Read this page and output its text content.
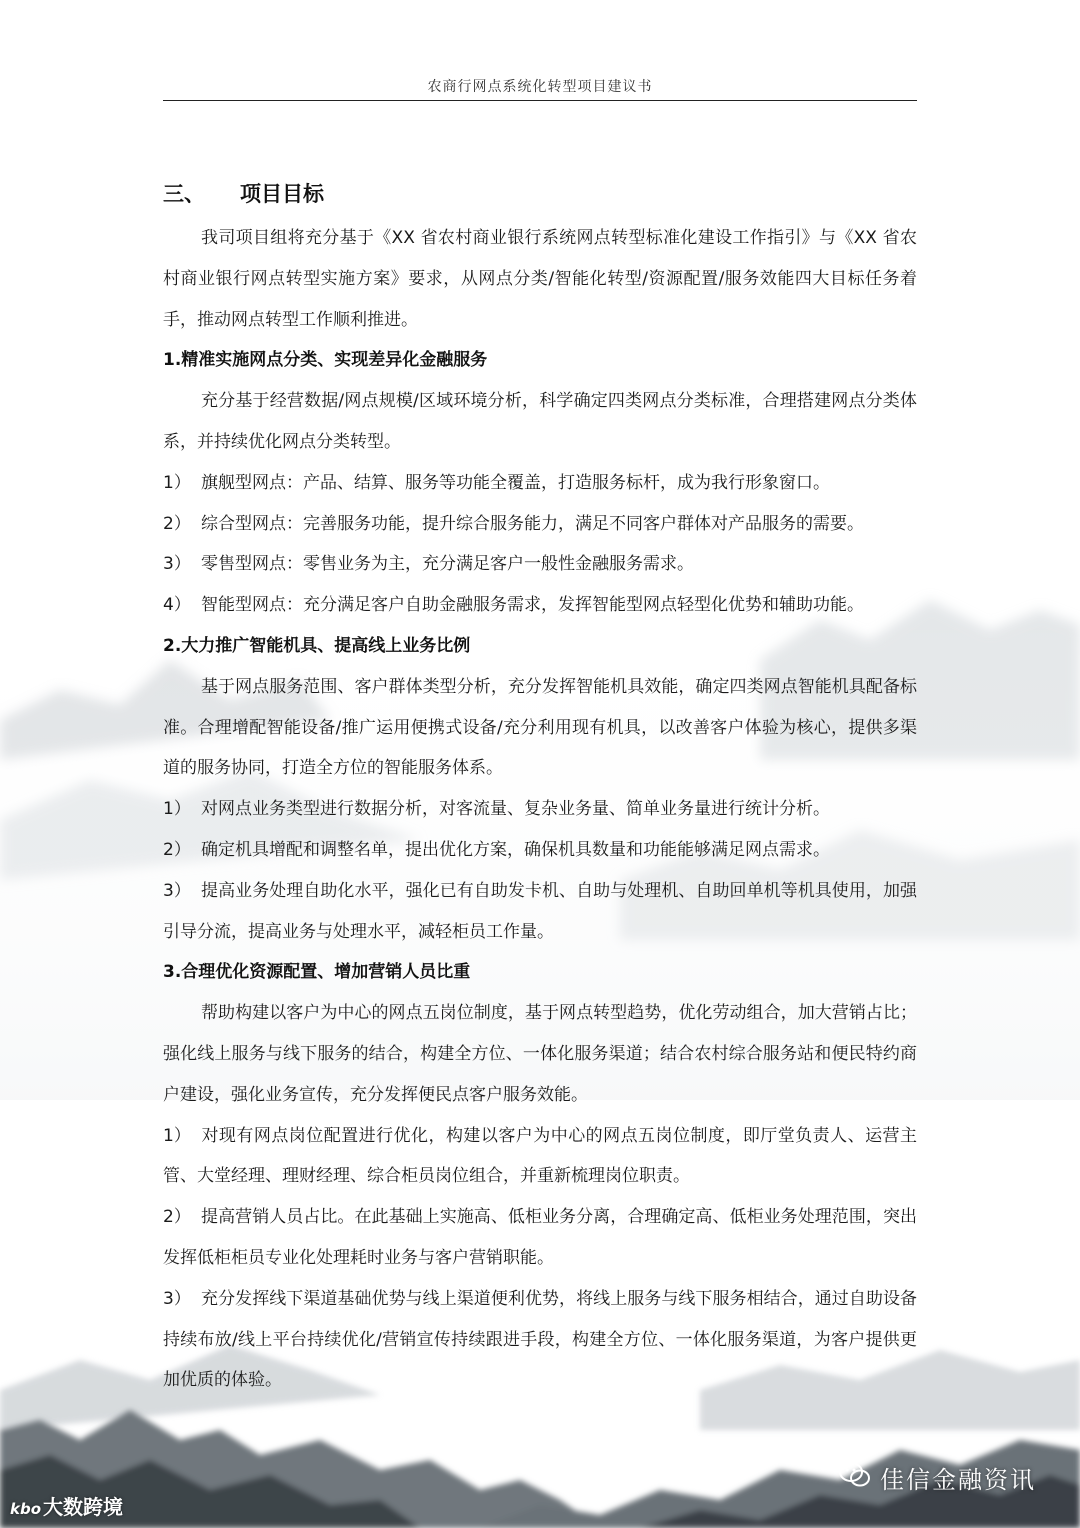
农商行网点系统化转型项目建议书
三、 项目目标

我司项目组将充分基于《XX 省农村商业银行系统网点转型标准化建设工作指引》与《XX 省农村商业银行网点转型实施方案》要求，从网点分类/智能化转型/资源配置/服务效能四大目标任务着手，推动网点转型工作顺利推进。

1.精准实施网点分类、实现差异化金融服务

充分基于经营数据/网点规模/区域环境分析，科学确定四类网点分类标准，合理搭建网点分类体系，并持续优化网点分类转型。

1） 旗舰型网点：产品、结算、服务等功能全覆盖，打造服务标杆，成为我行形象窗口。

2） 综合型网点：完善服务功能，提升综合服务能力，满足不同客户群体对产品服务的需要。

3） 零售型网点：零售业务为主，充分满足客户一般性金融服务需求。

4） 智能型网点：充分满足客户自助金融服务需求，发挥智能型网点轻型化优势和辅助功能。

2.大力推广智能机具、提高线上业务比例

基于网点服务范围、客户群体类型分析，充分发挥智能机具效能，确定四类网点智能机具配备标准。合理增配智能设备/推广运用便携式设备/充分利用现有机具，以改善客户体验为核心，提供多渠道的服务协同，打造全方位的智能服务体系。

1） 对网点业务类型进行数据分析，对客流量、复杂业务量、简单业务量进行统计分析。

2） 确定机具增配和调整名单，提出优化方案，确保机具数量和功能能够满足网点需求。

3） 提高业务处理自助化水平，强化已有自助发卡机、自助与处理机、自助回单机等机具使用，加强引导分流，提高业务与处理水平，减轻柜员工作量。

3.合理优化资源配置、增加营销人员比重

帮助构建以客户为中心的网点五岗位制度，基于网点转型趋势，优化劳动组合，加大营销占比；强化线上服务与线下服务的结合，构建全方位、一体化服务渠道；结合农村综合服务站和便民特约商户建设，强化业务宣传，充分发挥便民点客户服务效能。

1） 对现有网点岗位配置进行优化，构建以客户为中心的网点五岗位制度，即厅堂负责人、运营主管、大堂经理、理财经理、综合柜员岗位组合，并重新梳理岗位职责。

2） 提高营销人员占比。在此基础上实施高、低柜业务分离，合理确定高、低柜业务处理范围，突出发挥低柜柜员专业化处理耗时业务与客户营销职能。

3） 充分发挥线下渠道基础优势与线上渠道便利优势，将线上服务与线下服务相结合，通过自助设备持续布放/线上平台持续优化/营销宣传持续跟进手段，构建全方位、一体化服务渠道，为客户提供更加优质的体验。

kbo 大数跨境
佳信金融资讯
